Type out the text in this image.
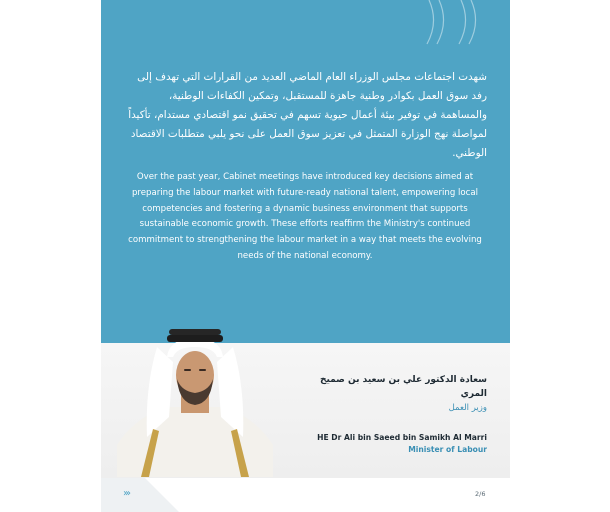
شهدت اجتماعات مجلس الوزراء العام الماضي العديد من القرارات التي تهدف إلى رفد سوق العمل بكوادر وطنية جاهزة للمستقبل، وتمكين الكفاءات الوطنية، والمساهمة في توفير بيئة أعمال حيوية تسهم في تحقيق نمو اقتصادي مستدام، تأكيداً لمواصلة نهج الوزارة المتمثل في تعزيز سوق العمل على نحو يلبي متطلبات الاقتصاد الوطني.

Over the past year, Cabinet meetings have introduced key decisions aimed at preparing the labour market with future-ready national talent, empowering local competencies and fostering a dynamic business environment that supports sustainable economic growth. These efforts reaffirm the Ministry's continued commitment to strengthening the labour market in a way that meets the evolving needs of the national economy.

سعادة الدكتور علي بن سعيد بن صميخ المري
وزير العمل
HE Dr Ali bin Saeed bin Samikh Al Marri
Minister of Labour
›››	2/6
